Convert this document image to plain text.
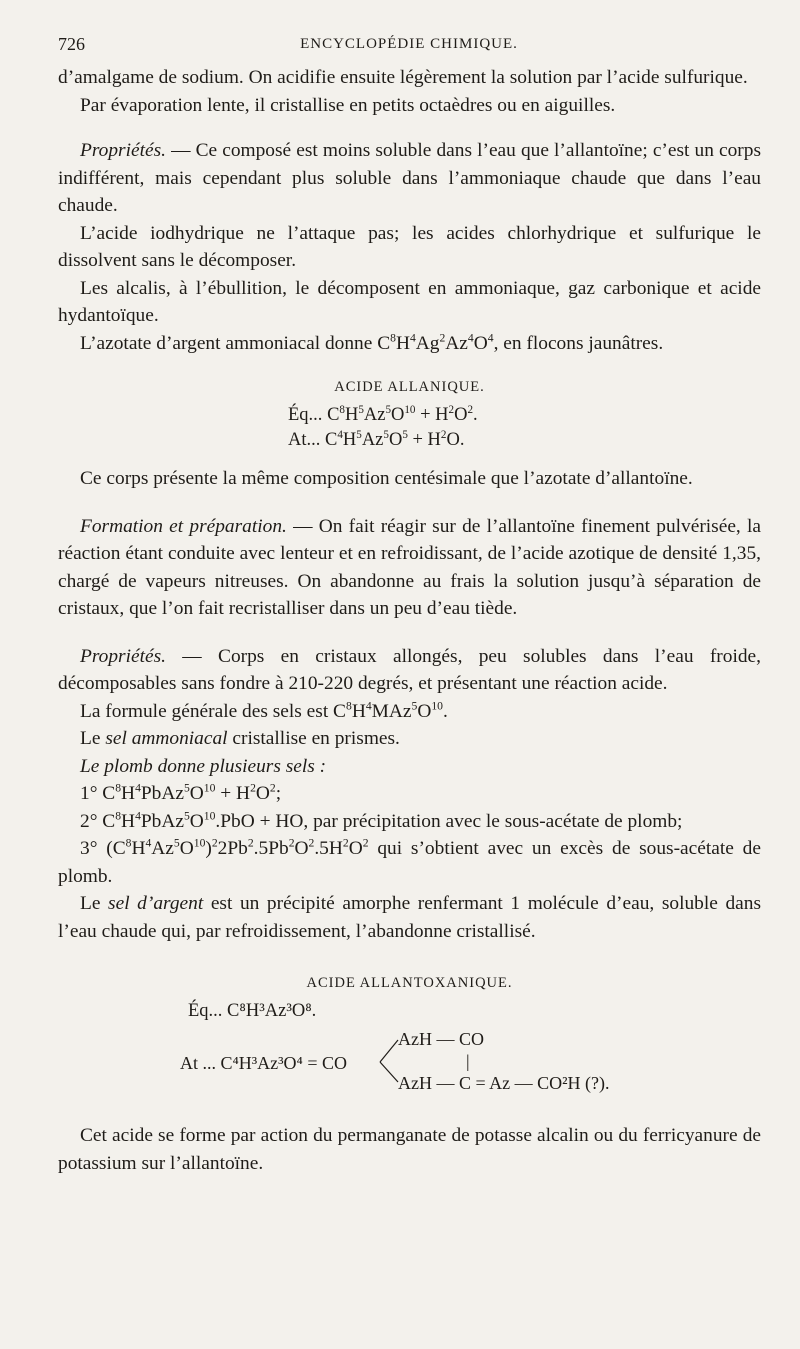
726	ENCYCLOPÉDIE CHIMIQUE.

d’amalgame de sodium. On acidifie ensuite légèrement la solution par l’acide sulfurique.

Par évaporation lente, il cristallise en petits octaèdres ou en aiguilles.

Propriétés. — Ce composé est moins soluble dans l’eau que l’allantoïne; c’est un corps indifférent, mais cependant plus soluble dans l’ammoniaque chaude que dans l’eau chaude.

L’acide iodhydrique ne l’attaque pas; les acides chlorhydrique et sulfurique le dissolvent sans le décomposer.

Les alcalis, à l’ébullition, le décomposent en ammoniaque, gaz carbonique et acide hydantoïque.

L’azotate d’argent ammoniacal donne $C^8H^4Ag^2Az^4O^4$, en flocons jaunâtres.

ACIDE ALLANIQUE.
Éq... $C^8H^5Az^5O^{10} + H^2O^2$.
At... $C^4H^5Az^5O^5 + H^2O$.

Ce corps présente la même composition centésimale que l’azotate d’allantoïne.

Formation et préparation. — On fait réagir sur de l’allantoïne finement pulvérisée, la réaction étant conduite avec lenteur et en refroidissant, de l’acide azotique de densité 1,35, chargé de vapeurs nitreuses. On abandonne au frais la solution jusqu’à séparation de cristaux, que l’on fait recristalliser dans un peu d’eau tiède.

Propriétés. — Corps en cristaux allongés, peu solubles dans l’eau froide, décomposables sans fondre à 210-220 degrés, et présentant une réaction acide.

La formule générale des sels est $C^8H^4MAz^5O^{10}$.

Le sel ammoniacal cristallise en prismes.

Le plomb donne plusieurs sels :

1° $C^8H^4PbAz^5O^{10} + H^2O^2$;

2° $C^8H^4PbAz^5O^{10}.PbO$ + HO, par précipitation avec le sous-acétate de plomb;

3° $(C^8H^4Az^5O^{10})^22Pb^2.5Pb^2O^2.5H^2O^2$ qui s’obtient avec un excès de sous-acétate de plomb.

Le sel d’argent est un précipité amorphe renfermant 1 molécule d’eau, soluble dans l’eau chaude qui, par refroidissement, l’abandonne cristallisé.

ACIDE ALLANTOXANIQUE.
Éq... C⁸H³Az³O⁸.
At ... C⁴H³Az³O⁴ = CO
AzH — CO
|
AzH — C = Az — CO²H (?).

Cet acide se forme par action du permanganate de potasse alcalin ou du ferricyanure de potassium sur l’allantoïne.
